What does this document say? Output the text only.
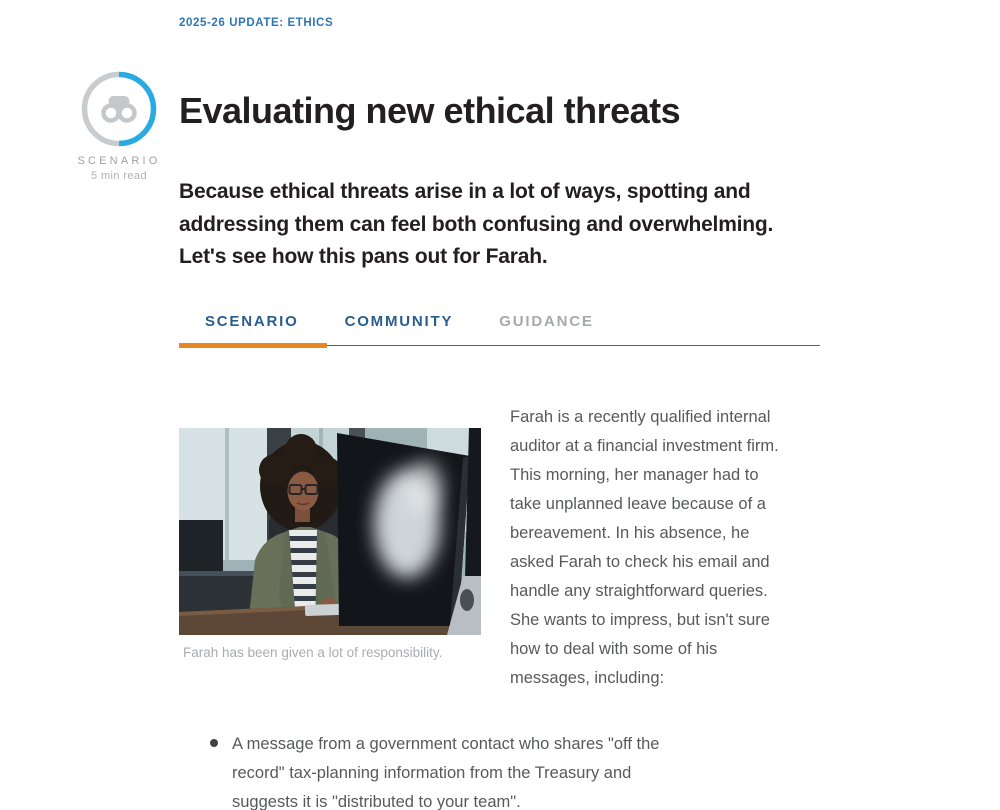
2025-26 UPDATE: ETHICS
SCENARIO
5 min read
Evaluating new ethical threats
Because ethical threats arise in a lot of ways, spotting and
addressing them can feel both confusing and overwhelming.
Let's see how this pans out for Farah.
SCENARIO	COMMUNITY	GUIDANCE
Farah has been given a lot of responsibility.
Farah is a recently qualified internal
auditor at a financial investment firm.
This morning, her manager had to
take unplanned leave because of a
bereavement. In his absence, he
asked Farah to check his email and
handle any straightforward queries.
She wants to impress, but isn't sure
how to deal with some of his
messages, including:
A message from a government contact who shares "off the
record" tax-planning information from the Treasury and
suggests it is "distributed to your team".
